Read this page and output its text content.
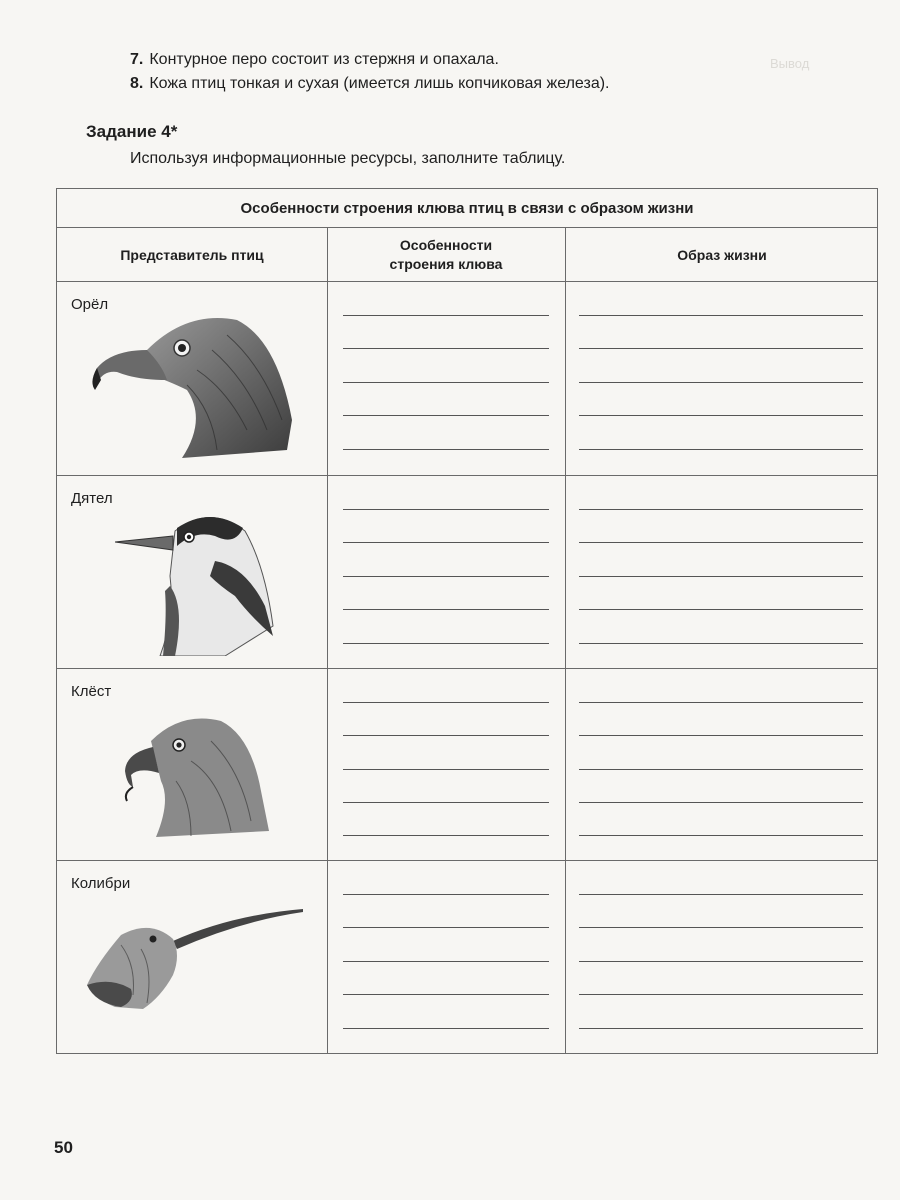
Вывод
7. Контурное перо состоит из стержня и опахала.
8. Кожа птиц тонкая и сухая (имеется лишь копчиковая железа).
Задание 4*
Используя информационные ресурсы, заполните таблицу.
Особенности строения клюва птиц в связи с образом жизни
Представитель птиц
Особенности
строения клюва
Образ жизни
Орёл
Дятел
Клёст
Колибри
50
